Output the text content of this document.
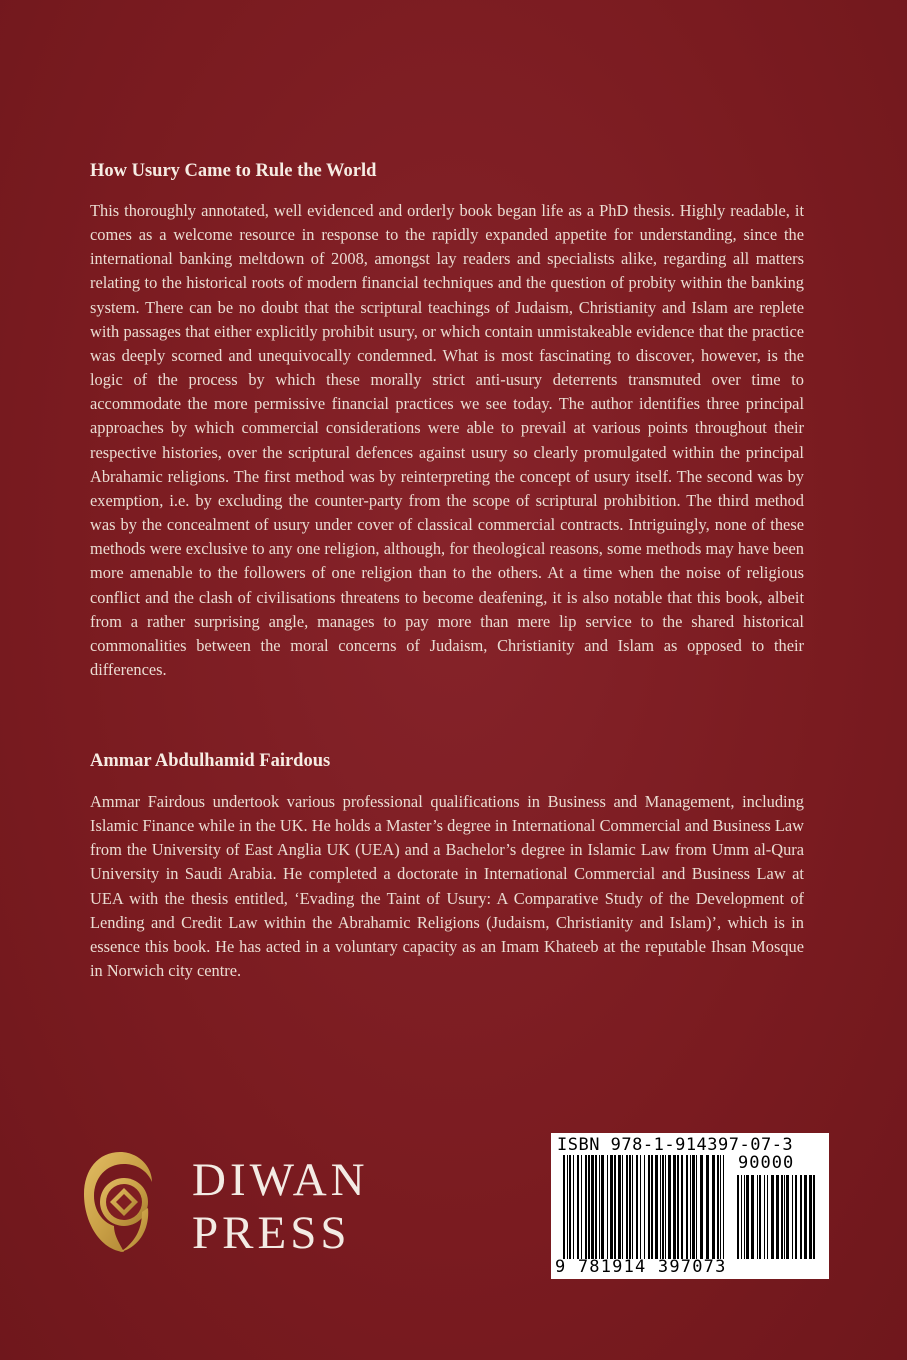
How Usury Came to Rule the World

This thoroughly annotated, well evidenced and orderly book began life as a PhD thesis. Highly readable, it comes as a welcome resource in response to the rapidly expanded appetite for understanding, since the international banking meltdown of 2008, amongst lay readers and specialists alike, regarding all matters relating to the historical roots of modern financial techniques and the question of probity within the banking system. There can be no doubt that the scriptural teachings of Judaism, Christianity and Islam are replete with passages that either explicitly prohibit usury, or which contain unmistakeable evidence that the practice was deeply scorned and unequivocally condemned. What is most fascinating to discover, however, is the logic of the process by which these morally strict anti-usury deterrents transmuted over time to accommodate the more permissive financial practices we see today. The author identifies three principal approaches by which commercial considerations were able to prevail at various points throughout their respective histories, over the scriptural defences against usury so clearly promulgated within the principal Abrahamic religions. The first method was by reinterpreting the concept of usury itself. The second was by exemption, i.e. by excluding the counter-party from the scope of scriptural prohibition. The third method was by the concealment of usury under cover of classical commercial contracts. Intriguingly, none of these methods were exclusive to any one religion, although, for theological reasons, some methods may have been more amenable to the followers of one religion than to the others. At a time when the noise of religious conflict and the clash of civilisations threatens to become deafening, it is also notable that this book, albeit from a rather surprising angle, manages to pay more than mere lip service to the shared historical commonalities between the moral concerns of Judaism, Christianity and Islam as opposed to their differences.

Ammar Abdulhamid Fairdous

Ammar Fairdous undertook various professional qualifications in Business and Management, including Islamic Finance while in the UK. He holds a Master’s degree in International Commercial and Business Law from the University of East Anglia UK (UEA) and a Bachelor’s degree in Islamic Law from Umm al-Qura University in Saudi Arabia. He completed a doctorate in International Commercial and Business Law at UEA with the thesis entitled, ‘Evading the Taint of Usury: A Comparative Study of the Development of Lending and Credit Law within the Abrahamic Religions (Judaism, Christianity and Islam)’, which is in essence this book. He has acted in a voluntary capacity as an Imam Khateeb at the reputable Ihsan Mosque in Norwich city centre.

DIWAN
PRESS
ISBN 978-1-914397-07-3
90000
9 781914 397073
